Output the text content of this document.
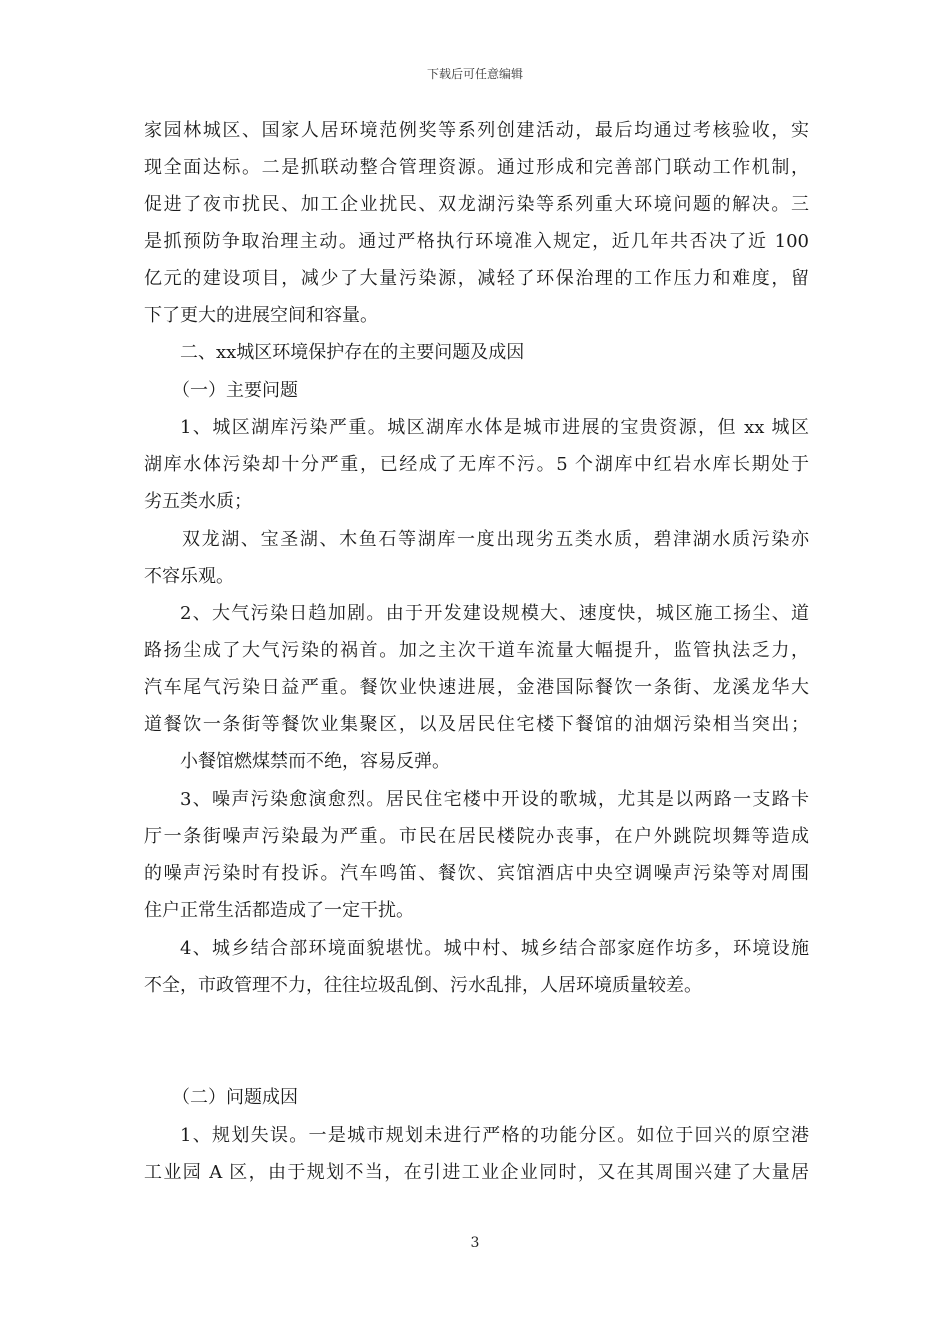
下载后可任意编辑
家园林城区、国家人居环境范例奖等系列创建活动，最后均通过考核验收，实
现全面达标。二是抓联动整合管理资源。通过形成和完善部门联动工作机制，
促进了夜市扰民、加工企业扰民、双龙湖污染等系列重大环境问题的解决。三
是抓预防争取治理主动。通过严格执行环境准入规定，近几年共否决了近 100
亿元的建设项目，减少了大量污染源，减轻了环保治理的工作压力和难度，留
下了更大的进展空间和容量。
二、xx城区环境保护存在的主要问题及成因
（一）主要问题
1、城区湖库污染严重。城区湖库水体是城市进展的宝贵资源，但 xx 城区
湖库水体污染却十分严重，已经成了无库不污。5 个湖库中红岩水库长期处于
劣五类水质；
双龙湖、宝圣湖、木鱼石等湖库一度出现劣五类水质，碧津湖水质污染亦
不容乐观。
2、大气污染日趋加剧。由于开发建设规模大、速度快，城区施工扬尘、道
路扬尘成了大气污染的祸首。加之主次干道车流量大幅提升，监管执法乏力，
汽车尾气污染日益严重。餐饮业快速进展，金港国际餐饮一条街、龙溪龙华大
道餐饮一条街等餐饮业集聚区，以及居民住宅楼下餐馆的油烟污染相当突出；
小餐馆燃煤禁而不绝，容易反弹。
3、噪声污染愈演愈烈。居民住宅楼中开设的歌城，尤其是以两路一支路卡
厅一条街噪声污染最为严重。市民在居民楼院办丧事，在户外跳院坝舞等造成
的噪声污染时有投诉。汽车鸣笛、餐饮、宾馆酒店中央空调噪声污染等对周围
住户正常生活都造成了一定干扰。
4、城乡结合部环境面貌堪忧。城中村、城乡结合部家庭作坊多，环境设施
不全，市政管理不力，往往垃圾乱倒、污水乱排，人居环境质量较差。
（二）问题成因
1、规划失误。一是城市规划未进行严格的功能分区。如位于回兴的原空港
工业园 A 区，由于规划不当，在引进工业企业同时，又在其周围兴建了大量居
3
